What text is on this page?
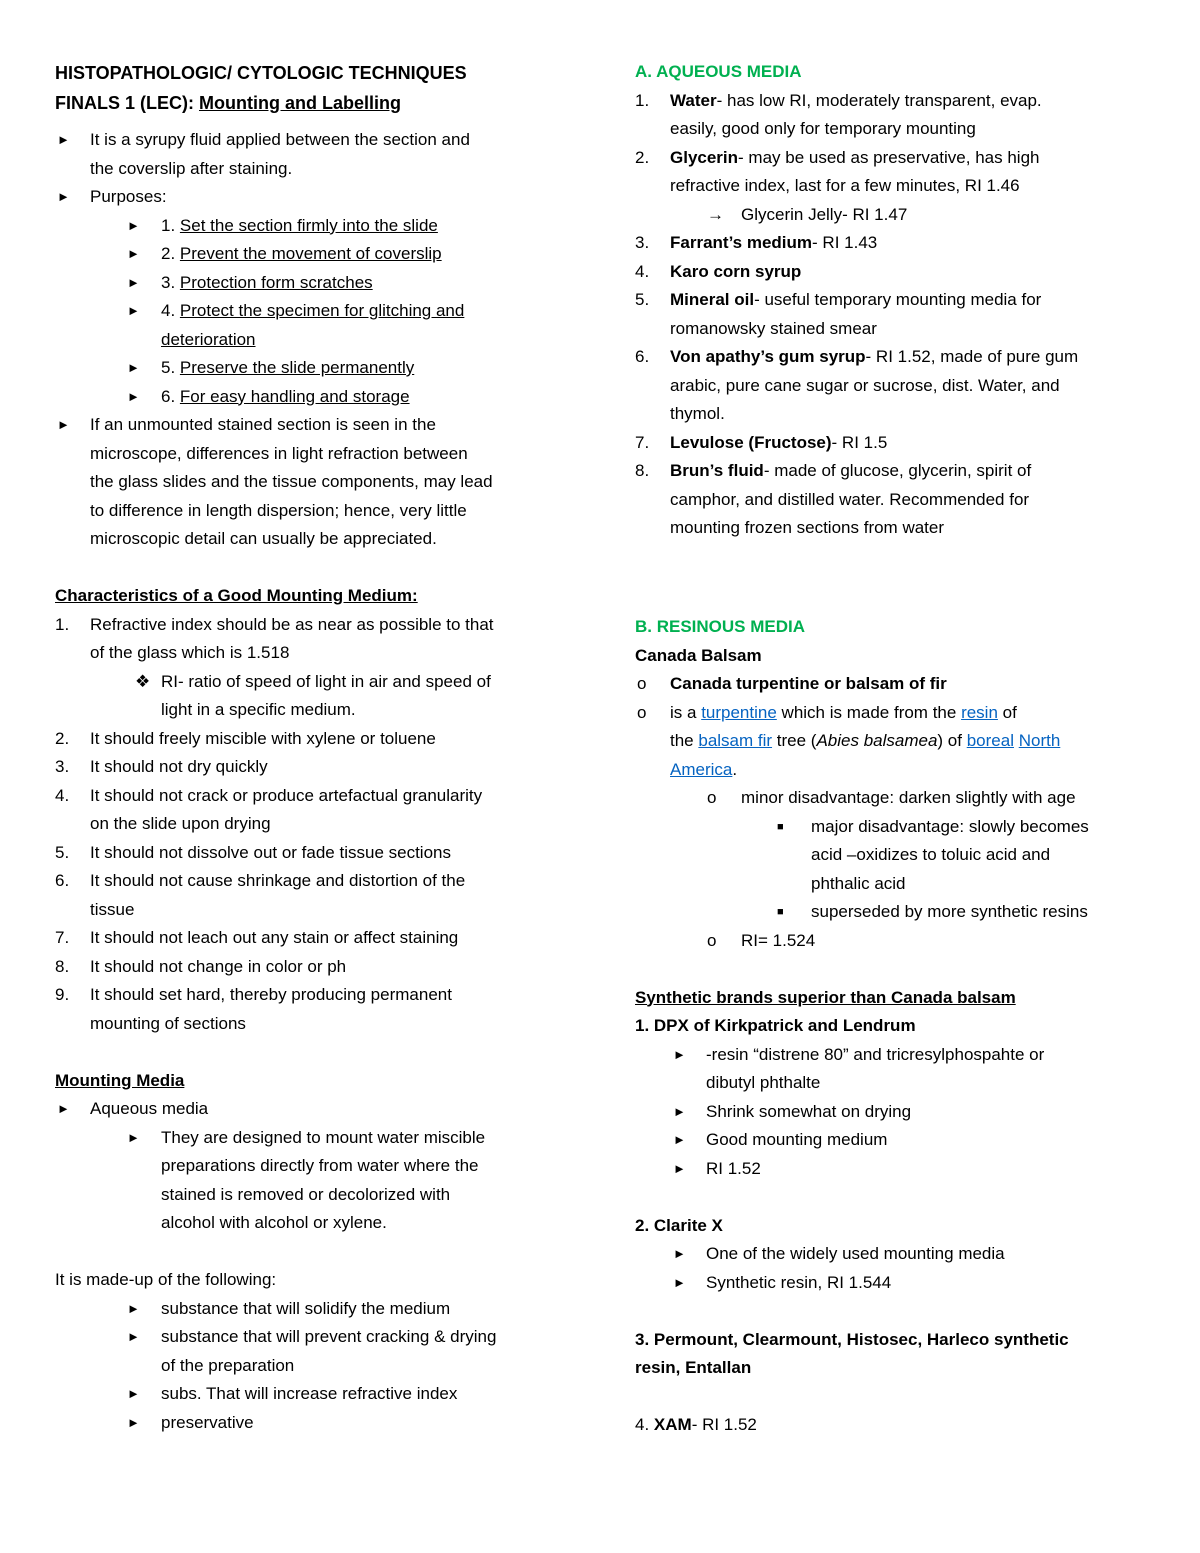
HISTOPATHOLOGIC/ CYTOLOGIC TECHNIQUES
FINALS 1 (LEC): Mounting and Labelling
► It is a syrupy fluid applied between the section and
the coverslip after staining.
► Purposes:
► 1. Set the section firmly into the slide
► 2. Prevent the movement of coverslip
► 3. Protection form scratches
► 4. Protect the specimen for glitching and
deterioration
► 5. Preserve the slide permanently
► 6. For easy handling and storage
► If an unmounted stained section is seen in the
microscope, differences in light refraction between
the glass slides and the tissue components, may lead
to difference in length dispersion; hence, very little
microscopic detail can usually be appreciated.
Characteristics of a Good Mounting Medium:
1. Refractive index should be as near as possible to that
of the glass which is 1.518
❖ RI- ratio of speed of light in air and speed of
light in a specific medium.
2. It should freely miscible with xylene or toluene
3. It should not dry quickly
4. It should not crack or produce artefactual granularity
on the slide upon drying
5. It should not dissolve out or fade tissue sections
6. It should not cause shrinkage and distortion of the
tissue
7. It should not leach out any stain or affect staining
8. It should not change in color or ph
9. It should set hard, thereby producing permanent
mounting of sections
Mounting Media
► Aqueous media
► They are designed to mount water miscible
preparations directly from water where the
stained is removed or decolorized with
alcohol with alcohol or xylene.
It is made-up of the following:
► substance that will solidify the medium
► substance that will prevent cracking & drying
of the preparation
► subs. That will increase refractive index
► preservative
A. AQUEOUS MEDIA
1. Water- has low RI, moderately transparent, evap.
easily, good only for temporary mounting
2. Glycerin- may be used as preservative, has high
refractive index, last for a few minutes, RI 1.46
→ Glycerin Jelly- RI 1.47
3. Farrant’s medium- RI 1.43
4. Karo corn syrup
5. Mineral oil- useful temporary mounting media for
romanowsky stained smear
6. Von apathy’s gum syrup- RI 1.52, made of pure gum
arabic, pure cane sugar or sucrose, dist. Water, and
thymol.
7. Levulose (Fructose)- RI 1.5
8. Brun’s fluid- made of glucose, glycerin, spirit of
camphor, and distilled water. Recommended for
mounting frozen sections from water
B. RESINOUS MEDIA
Canada Balsam
o Canada turpentine or balsam of fir
o is a turpentine which is made from the resin of
the balsam fir tree (Abies balsamea) of boreal North
America.
o minor disadvantage: darken slightly with age
■ major disadvantage: slowly becomes
acid –oxidizes to toluic acid and
phthalic acid
■ superseded by more synthetic resins
o RI= 1.524
Synthetic brands superior than Canada balsam
1. DPX of Kirkpatrick and Lendrum
► -resin “distrene 80” and tricresylphospahte or
dibutyl phthalte
► Shrink somewhat on drying
► Good mounting medium
► RI 1.52
2. Clarite X
► One of the widely used mounting media
► Synthetic resin, RI 1.544
3. Permount, Clearmount, Histosec, Harleco synthetic
resin, Entallan
4. XAM- RI 1.52
